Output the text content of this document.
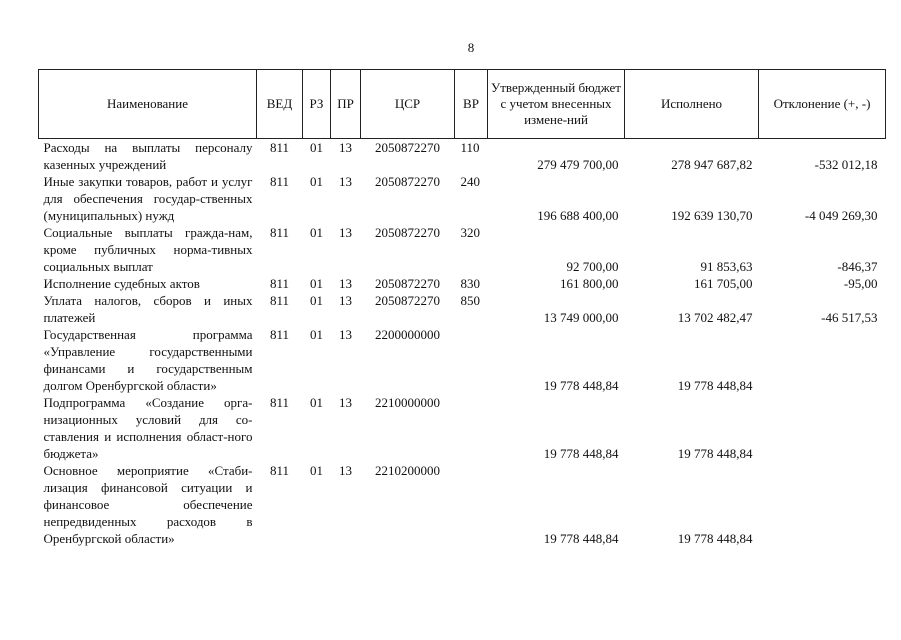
8
Наименование	ВЕД	РЗ	ПР	ЦСР	ВР	Утвержденный бюджет с учетом внесенных измене-ний	Исполнено	Отклонение (+, -)
Расходы на выплаты персоналу казенных учреждений	811	01	13	2050872270	110	279 479 700,00	278 947 687,82	-532 012,18
Иные закупки товаров, работ и услуг для обеспечения государ-ственных (муниципальных) нужд	811	01	13	2050872270	240	196 688 400,00	192 639 130,70	-4 049 269,30
Социальные выплаты гражда-нам, кроме публичных норма-тивных социальных выплат	811	01	13	2050872270	320	92 700,00	91 853,63	-846,37
Исполнение судебных актов	811	01	13	2050872270	830	161 800,00	161 705,00	-95,00
Уплата налогов, сборов и иных платежей	811	01	13	2050872270	850	13 749 000,00	13 702 482,47	-46 517,53
Государственная программа «Управление государственными финансами и государственным долгом Оренбургской области»	811	01	13	2200000000		19 778 448,84	19 778 448,84	
Подпрограмма «Создание орга-низационных условий для со-ставления и исполнения област-ного бюджета»	811	01	13	2210000000		19 778 448,84	19 778 448,84	
Основное мероприятие «Стаби-лизация финансовой ситуации и финансовое обеспечение непредвиденных расходов в Оренбургской области»	811	01	13	2210200000		19 778 448,84	19 778 448,84	
